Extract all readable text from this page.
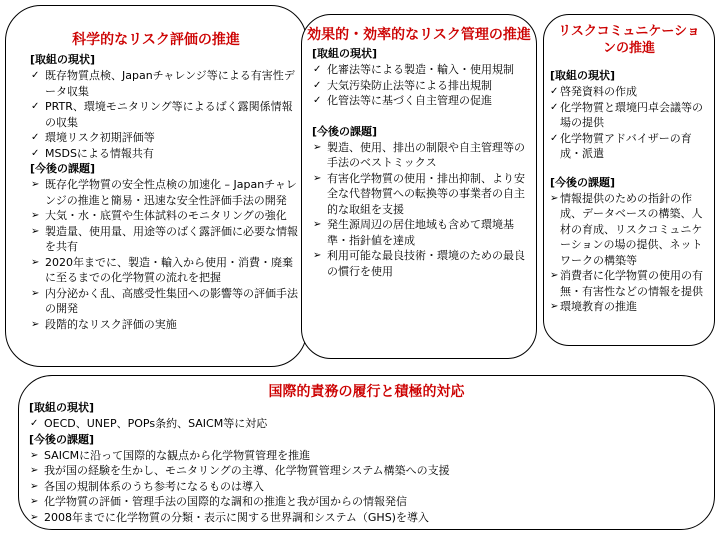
科学的なリスク評価の推進

[取組の現状]
✓ 既存物質点検、Japanチャレンジ等による有害性データ収集
✓ PRTR、環境モニタリング等によるばく露関係情報の収集
✓ 環境リスク初期評価等
✓ MSDSによる情報共有
[今後の課題]
➢ 既存化学物質の安全性点検の加速化 – Japanチャレンジの推進と簡易・迅速な安全性評価手法の開発
➢ 大気・水・底質や生体試料のモニタリングの強化
➢ 製造量、使用量、用途等のばく露評価に必要な情報を共有
➢ 2020年までに、製造・輸入から使用・消費・廃棄に至るまでの化学物質の流れを把握
➢ 内分泌かく乱、高感受性集団への影響等の評価手法の開発
➢ 段階的なリスク評価の実施

効果的・効率的なリスク管理の推進

[取組の現状]
✓ 化審法等による製造・輸入・使用規制
✓ 大気汚染防止法等による排出規制
✓ 化管法等に基づく自主管理の促進
[今後の課題]
➢ 製造、使用、排出の制限や自主管理等の手法のベストミックス
➢ 有害化学物質の使用・排出抑制、より安全な代替物質への転換等の事業者の自主的な取組を支援
➢ 発生源周辺の居住地域も含めて環境基準・指針値を達成
➢ 利用可能な最良技術・環境のための最良の慣行を使用

リスクコミュニケーションの推進

[取組の現状]
✓ 啓発資料の作成
✓ 化学物質と環境円卓会議等の場の提供
✓ 化学物質アドバイザーの育成・派遣
[今後の課題]
➢ 情報提供のための指針の作成、データベースの構築、人材の育成、リスクコミュニケーションの場の提供、ネットワークの構築等
➢ 消費者に化学物質の使用の有無・有害性などの情報を提供
➢ 環境教育の推進

国際的責務の履行と積極的対応

[取組の現状]
✓ OECD、UNEP、POPs条約、SAICM等に対応
[今後の課題]
➢ SAICMに沿って国際的な観点から化学物質管理を推進
➢ 我が国の経験を生かし、モニタリングの主導、化学物質管理システム構築への支援
➢ 各国の規制体系のうち参考になるものは導入
➢ 化学物質の評価・管理手法の国際的な調和の推進と我が国からの情報発信
➢ 2008年までに化学物質の分類・表示に関する世界調和システム（GHS)を導入
